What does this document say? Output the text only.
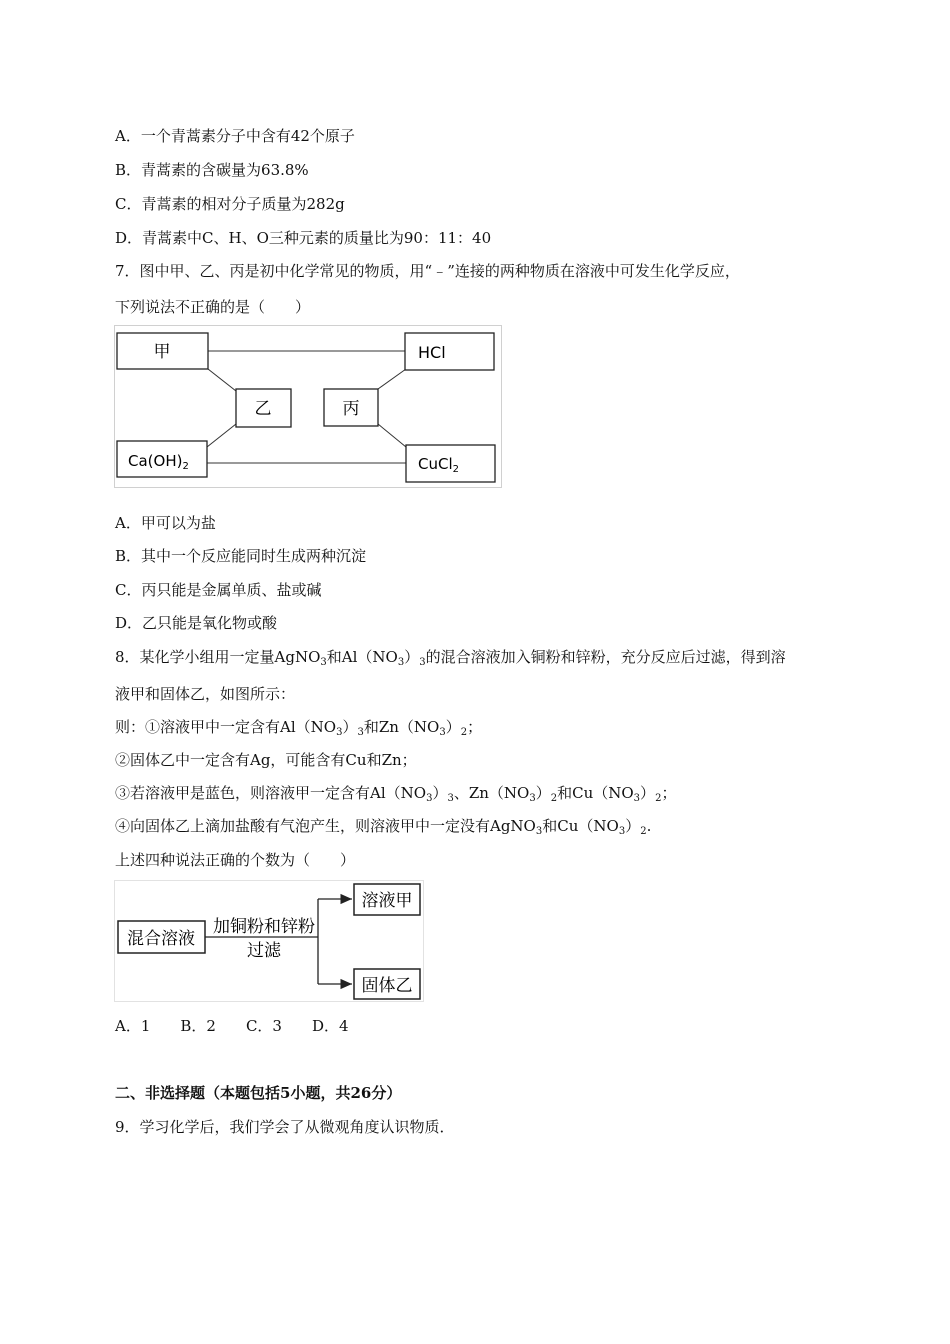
A．一个青蒿素分子中含有42个原子
B．青蒿素的含碳量为63.8%
C．青蒿素的相对分子质量为282g
D．青蒿素中C、H、O三种元素的质量比为90：11：40
7．图中甲、乙、丙是初中化学常见的物质，用“﹣”连接的两种物质在溶液中可发生化学反应，
下列说法不正确的是（　　）
甲	HCl
乙	丙
$Ca(OH)_2$	CuCl$_2$
A．甲可以为盐
B．其中一个反应能同时生成两种沉淀
C．丙只能是金属单质、盐或碱
D．乙只能是氧化物或酸
8．某化学小组用一定量AgNO$_3$和$Al(NO_3)_3$的混合溶液加入铜粉和锌粉，充分反应后过滤，得到溶
液甲和固体乙，如图所示：
则：①溶液甲中一定含有$Al(NO_3)_3$和$Zn(NO_3)_2$；
②固体乙中一定含有Ag，可能含有Cu和Zn；
③若溶液甲是蓝色，则溶液甲一定含有$Al(NO_3)_3$、$Zn(NO_3)_2$和$Cu(NO_3)_2$；
④向固体乙上滴加盐酸有气泡产生，则溶液甲中一定没有AgNO$_3$和$Cu(NO_3)_2$.
上述四种说法正确的个数为（　　）
混合溶液
加铜粉和锌粉
过滤
溶液甲
固体乙
A．1　　B．2　　C．3　　D．4
二、非选择题（本题包括5小题，共26分）
9．学习化学后，我们学会了从微观角度认识物质．
